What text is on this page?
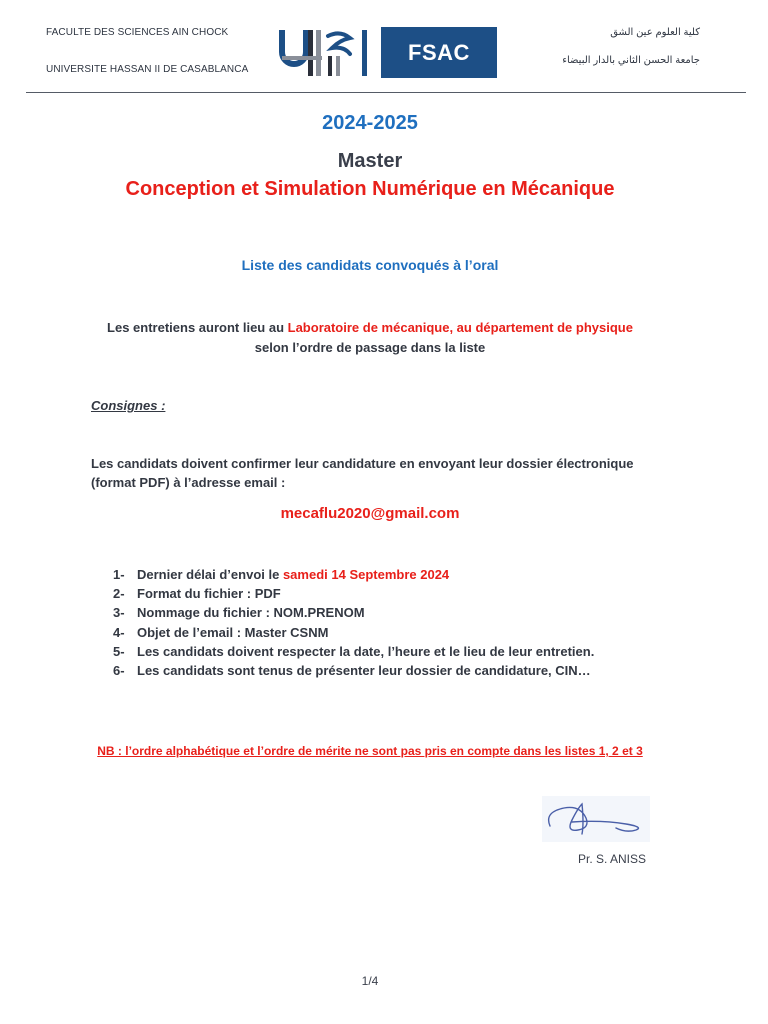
FACULTE DES SCIENCES AIN CHOCK
UNIVERSITE HASSAN II DE CASABLANCA
FSAC
كلية العلوم عين الشق
جامعة الحسن الثاني بالدار البيضاء
2024-2025
Master
Conception et Simulation Numérique en Mécanique
Liste des candidats convoqués à l’oral
Les entretiens auront lieu au Laboratoire de mécanique, au département de physique
selon l’ordre de passage dans la liste
Consignes :
Les candidats doivent confirmer leur candidature en envoyant leur dossier électronique
(format PDF) à l’adresse email :
mecaflu2020@gmail.com
1- Dernier délai d’envoi le samedi 14 Septembre 2024
2- Format du fichier : PDF
3- Nommage du fichier : NOM.PRENOM
4- Objet de l’email : Master CSNM
5- Les candidats doivent respecter la date, l’heure et le lieu de leur entretien.
6- Les candidats sont tenus de présenter leur dossier de candidature, CIN…
NB : l’ordre alphabétique et l’ordre de mérite ne sont pas pris en compte dans les listes 1, 2 et 3
Pr. S. ANISS
1/4
